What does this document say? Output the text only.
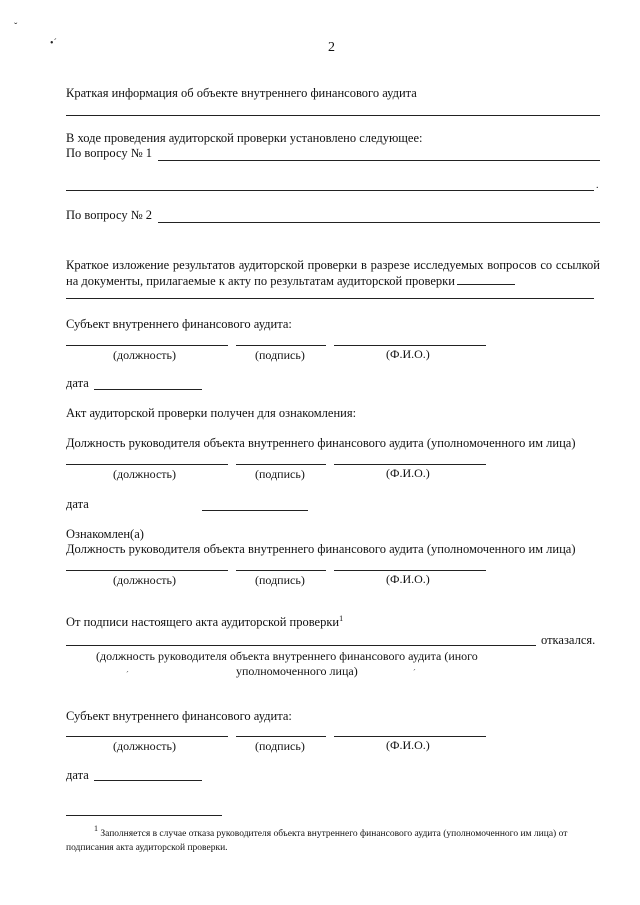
ˇ
•´	2
Краткая информация об объекте внутреннего финансового аудита
В ходе проведения аудиторской проверки установлено следующее:
По вопросу № 1
.
По вопросу № 2
Краткое изложение результатов аудиторской проверки в разрезе исследуемых вопросов со ссылкой на документы, прилагаемые к акту по результатам аудиторской проверки
Субъект внутреннего финансового аудита:
(должность)	(подпись)	(Ф.И.О.)
дата
Акт аудиторской проверки получен для ознакомления:
Должность руководителя объекта внутреннего финансового аудита (уполномоченного им лица)
(должность)	(подпись)	(Ф.И.О.)
дата
Ознакомлен(а)
Должность руководителя объекта внутреннего финансового аудита (уполномоченного им лица)
(должность)	(подпись)	(Ф.И.О.)
От подписи настоящего акта аудиторской проверки$^1$
отказался.
(должность руководителя объекта внутреннего финансового аудита (иного
уполномоченного лица)
´	´
Субъект внутреннего финансового аудита:
(должность)	(подпись)	(Ф.И.О.)
дата
$^1$ Заполняется в случае отказа руководителя объекта внутреннего финансового аудита (уполномоченного им лица) от подписания акта аудиторской проверки.
